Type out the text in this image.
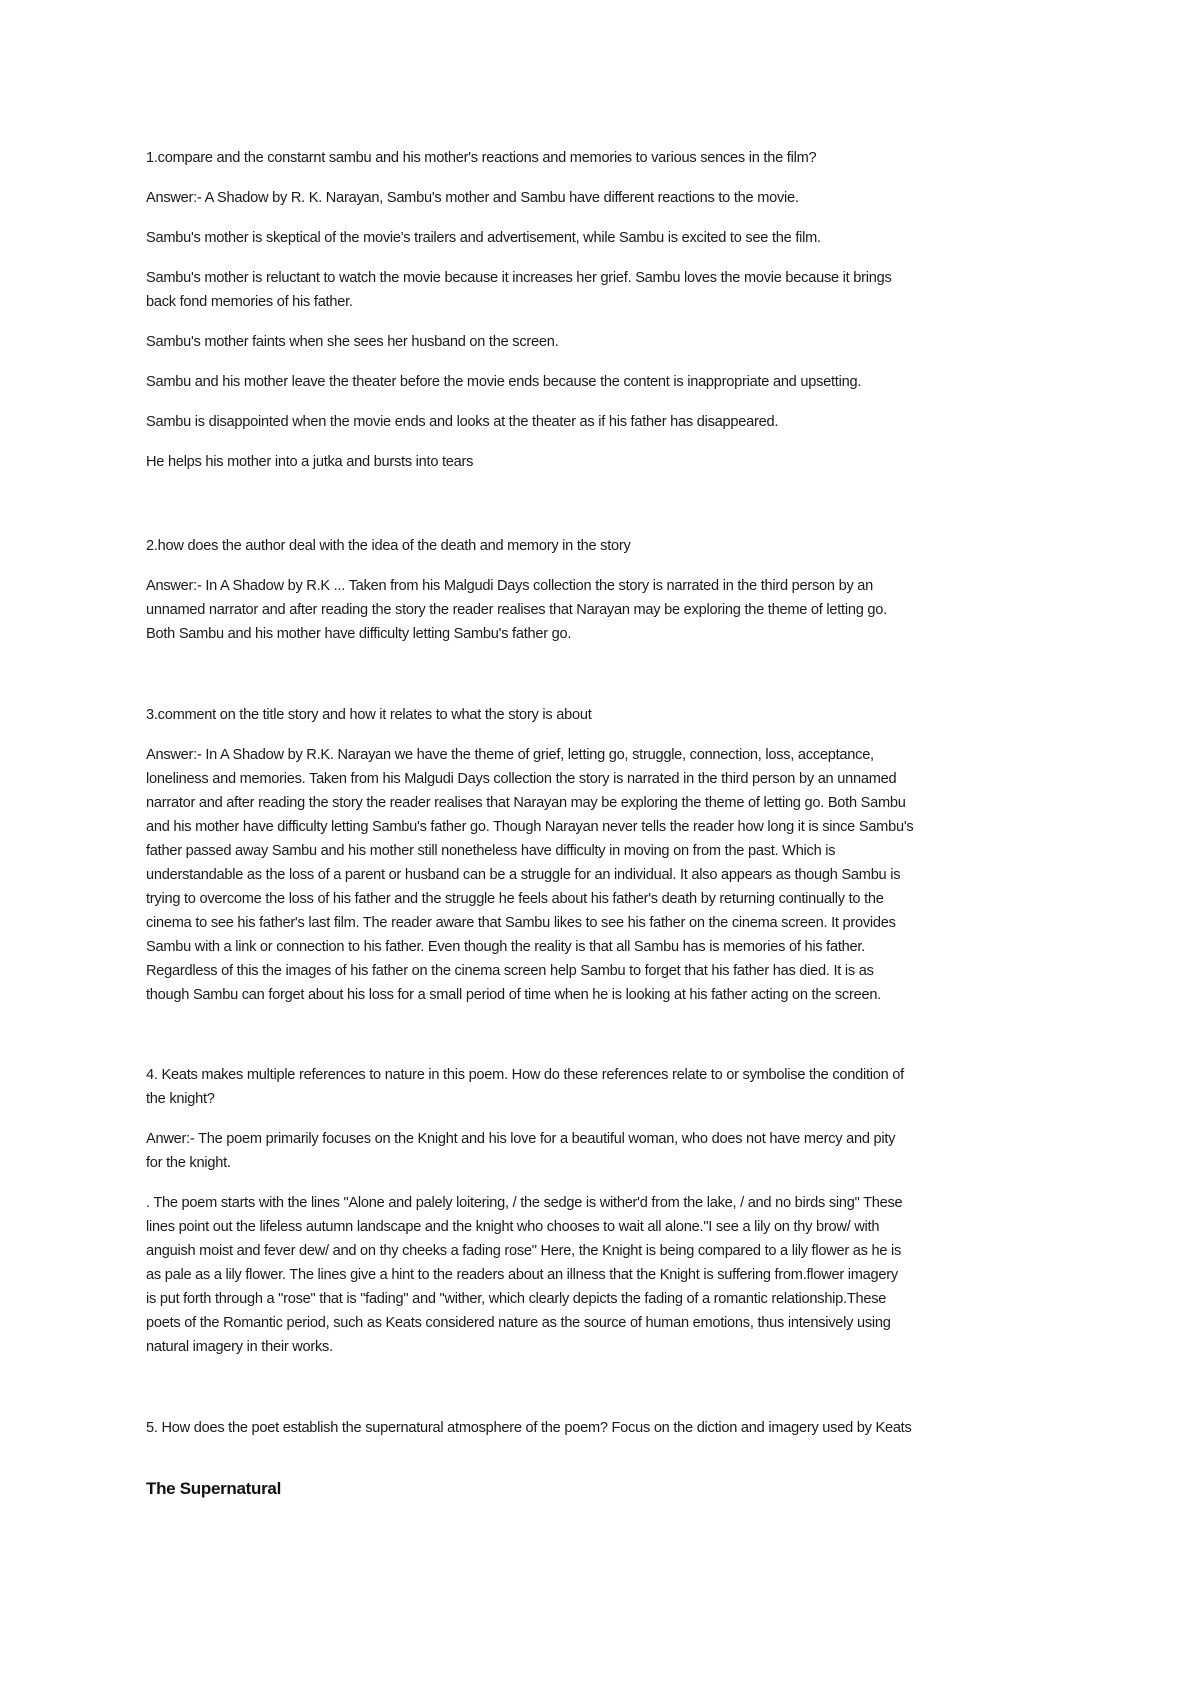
1.compare and the constarnt sambu and his mother's reactions and memories to various sences in the film?
Answer:- A Shadow by R. K. Narayan, Sambu's mother and Sambu have different reactions to the movie.
Sambu's mother is skeptical of the movie's trailers and advertisement, while Sambu is excited to see the film.
Sambu's mother is reluctant to watch the movie because it increases her grief. Sambu loves the movie because it brings
back fond memories of his father.
Sambu's mother faints when she sees her husband on the screen.
Sambu and his mother leave the theater before the movie ends because the content is inappropriate and upsetting.
Sambu is disappointed when the movie ends and looks at the theater as if his father has disappeared.
He helps his mother into a jutka and bursts into tears
2.how does the author deal with the idea of the death and memory in the story
Answer:- In A Shadow by R.K ... Taken from his Malgudi Days collection the story is narrated in the third person by an
unnamed narrator and after reading the story the reader realises that Narayan may be exploring the theme of letting go.
Both Sambu and his mother have difficulty letting Sambu's father go.
3.comment on the title story and how it relates to what the story is about
Answer:- In A Shadow by R.K. Narayan we have the theme of grief, letting go, struggle, connection, loss, acceptance,
loneliness and memories. Taken from his Malgudi Days collection the story is narrated in the third person by an unnamed
narrator and after reading the story the reader realises that Narayan may be exploring the theme of letting go. Both Sambu
and his mother have difficulty letting Sambu's father go. Though Narayan never tells the reader how long it is since Sambu's
father passed away Sambu and his mother still nonetheless have difficulty in moving on from the past. Which is
understandable as the loss of a parent or husband can be a struggle for an individual. It also appears as though Sambu is
trying to overcome the loss of his father and the struggle he feels about his father's death by returning continually to the
cinema to see his father's last film. The reader aware that Sambu likes to see his father on the cinema screen. It provides
Sambu with a link or connection to his father. Even though the reality is that all Sambu has is memories of his father.
Regardless of this the images of his father on the cinema screen help Sambu to forget that his father has died. It is as
though Sambu can forget about his loss for a small period of time when he is looking at his father acting on the screen.
4. Keats makes multiple references to nature in this poem. How do these references relate to or symbolise the condition of
the knight?
Anwer:- The poem primarily focuses on the Knight and his love for a beautiful woman, who does not have mercy and pity
for the knight.
. The poem starts with the lines "Alone and palely loitering, / the sedge is wither'd from the lake, / and no birds sing" These
lines point out the lifeless autumn landscape and the knight who chooses to wait all alone."I see a lily on thy brow/ with
anguish moist and fever dew/ and on thy cheeks a fading rose" Here, the Knight is being compared to a lily flower as he is
as pale as a lily flower. The lines give a hint to the readers about an illness that the Knight is suffering from.flower imagery
is put forth through a "rose" that is "fading" and "wither, which clearly depicts the fading of a romantic relationship.These
poets of the Romantic period, such as Keats considered nature as the source of human emotions, thus intensively using
natural imagery in their works.
5. How does the poet establish the supernatural atmosphere of the poem? Focus on the diction and imagery used by Keats
The Supernatural
